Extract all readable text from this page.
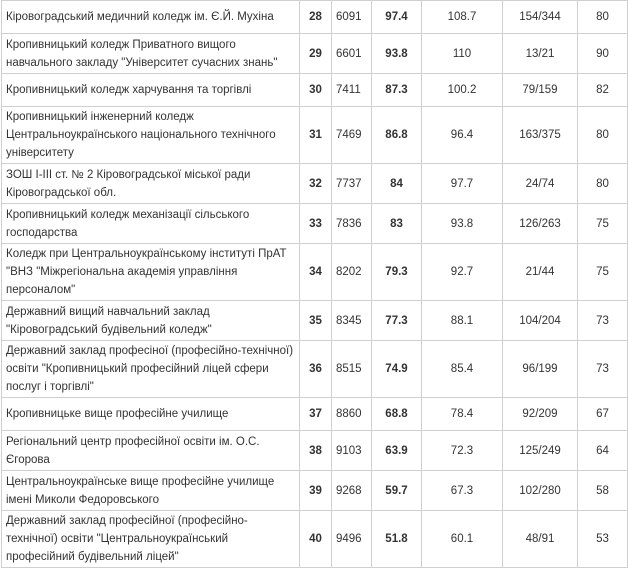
Кіровоградський медичний коледж ім. Є.Й. Мухіна	28	6091	97.4	108.7	154/344	80
Кропивницький коледж Приватного вищого навчального закладу "Університет сучасних знань"	29	6601	93.8	110	13/21	90
Кропивницький коледж харчування та торгівлі	30	7411	87.3	100.2	79/159	82
Кропивницький інженерний коледж Центральноукраїнського національного технічного університету	31	7469	86.8	96.4	163/375	80
ЗОШ І-ІІІ ст. № 2 Кіровоградської міської ради Кіровоградської обл.	32	7737	84	97.7	24/74	80
Кропивницький коледж механізації сільського господарства	33	7836	83	93.8	126/263	75
Коледж при Центральноукраїнському інституті ПрАТ "ВНЗ "Міжрегіональна академія управління персоналом"	34	8202	79.3	92.7	21/44	75
Державний вищий навчальний заклад "Кіровоградський будівельний коледж"	35	8345	77.3	88.1	104/204	73
Державний заклад професіної (професійно-технічної) освіти "Кропивницький професійний ліцей сфери послуг і торгівлі"	36	8515	74.9	85.4	96/199	73
Кропивницьке вище професійне училище	37	8860	68.8	78.4	92/209	67
Регіональний центр професійної освіти ім. О.С. Єгорова	38	9103	63.9	72.3	125/249	64
Центральноукраїнське вище професійне училище імені Миколи Федоровського	39	9268	59.7	67.3	102/280	58
Державний заклад професійної (професійно-технічної) освіти "Центральноукраїнський професійний будівельний ліцей"	40	9496	51.8	60.1	48/91	53
